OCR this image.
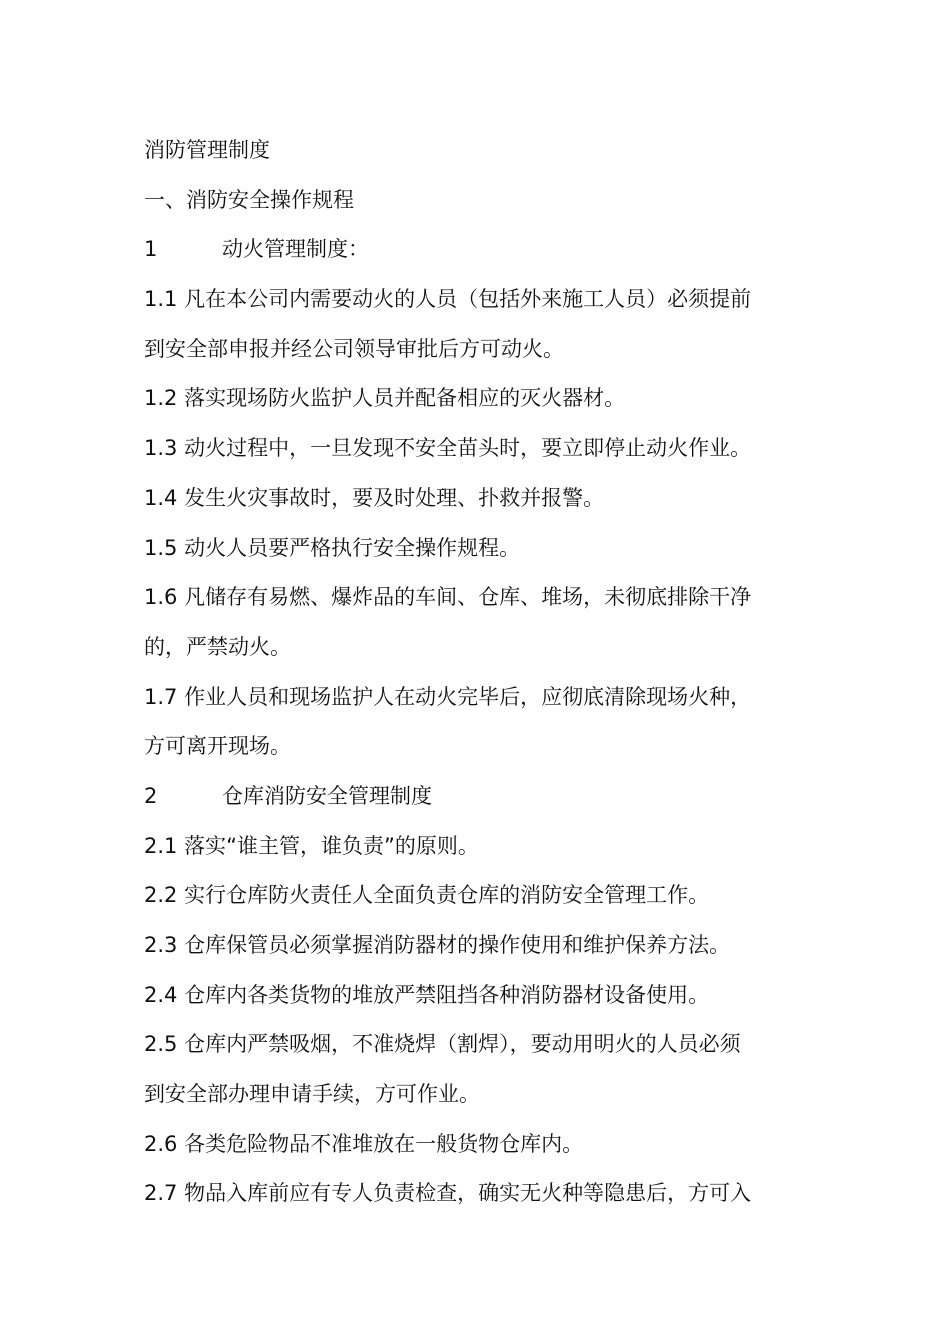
消防管理制度
一、消防安全操作规程
1	动火管理制度：
1.1 凡在本公司内需要动火的人员（包括外来施工人员）必须提前
到安全部申报并经公司领导审批后方可动火。
1.2 落实现场防火监护人员并配备相应的灭火器材。
1.3 动火过程中，一旦发现不安全苗头时，要立即停止动火作业。
1.4 发生火灾事故时，要及时处理、扑救并报警。
1.5 动火人员要严格执行安全操作规程。
1.6 凡储存有易燃、爆炸品的车间、仓库、堆场，未彻底排除干净
的，严禁动火。
1.7 作业人员和现场监护人在动火完毕后，应彻底清除现场火种，
方可离开现场。
2	仓库消防安全管理制度
2.1 落实“谁主管，谁负责”的原则。
2.2 实行仓库防火责任人全面负责仓库的消防安全管理工作。
2.3 仓库保管员必须掌握消防器材的操作使用和维护保养方法。
2.4 仓库内各类货物的堆放严禁阻挡各种消防器材设备使用。
2.5 仓库内严禁吸烟，不准烧焊（割焊），要动用明火的人员必须
到安全部办理申请手续，方可作业。
2.6 各类危险物品不准堆放在一般货物仓库内。
2.7 物品入库前应有专人负责检查，确实无火种等隐患后，方可入
